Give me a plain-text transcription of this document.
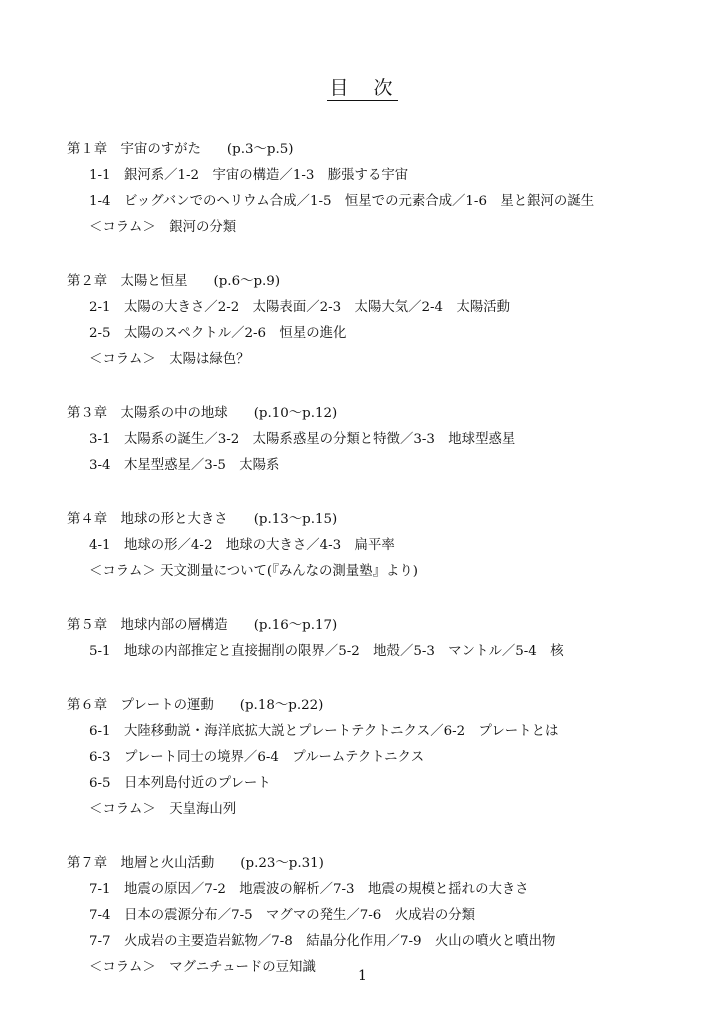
目　次
第１章　宇宙のすがた (p.3〜p.5)
1-1　銀河系／1-2　宇宙の構造／1-3　膨張する宇宙
1-4　ビッグバンでのヘリウム合成／1-5　恒星での元素合成／1-6　星と銀河の誕生
＜コラム＞　銀河の分類
第２章　太陽と恒星 (p.6〜p.9)
2-1　太陽の大きさ／2-2　太陽表面／2-3　太陽大気／2-4　太陽活動
2-5　太陽のスペクトル／2-6　恒星の進化
＜コラム＞　太陽は緑色？
第３章　太陽系の中の地球 (p.10〜p.12)
3-1　太陽系の誕生／3-2　太陽系惑星の分類と特徴／3-3　地球型惑星
3-4　木星型惑星／3-5　太陽系
第４章　地球の形と大きさ (p.13〜p.15)
4-1　地球の形／4-2　地球の大きさ／4-3　扁平率
＜コラム＞ 天文測量について(『みんなの測量塾』より)
第５章　地球内部の層構造 (p.16〜p.17)
5-1　地球の内部推定と直接掘削の限界／5-2　地殻／5-3　マントル／5-4　核
第６章　プレートの運動 (p.18〜p.22)
6-1　大陸移動説・海洋底拡大説とプレートテクトニクス／6-2　プレートとは
6-3　プレート同士の境界／6-4　プルームテクトニクス
6-5　日本列島付近のプレート
＜コラム＞　天皇海山列
第７章　地層と火山活動 (p.23〜p.31)
7-1　地震の原因／7-2　地震波の解析／7-3　地震の規模と揺れの大きさ
7-4　日本の震源分布／7-5　マグマの発生／7-6　火成岩の分類
7-7　火成岩の主要造岩鉱物／7-8　結晶分化作用／7-9　火山の噴火と噴出物
＜コラム＞　マグニチュードの豆知識
1
